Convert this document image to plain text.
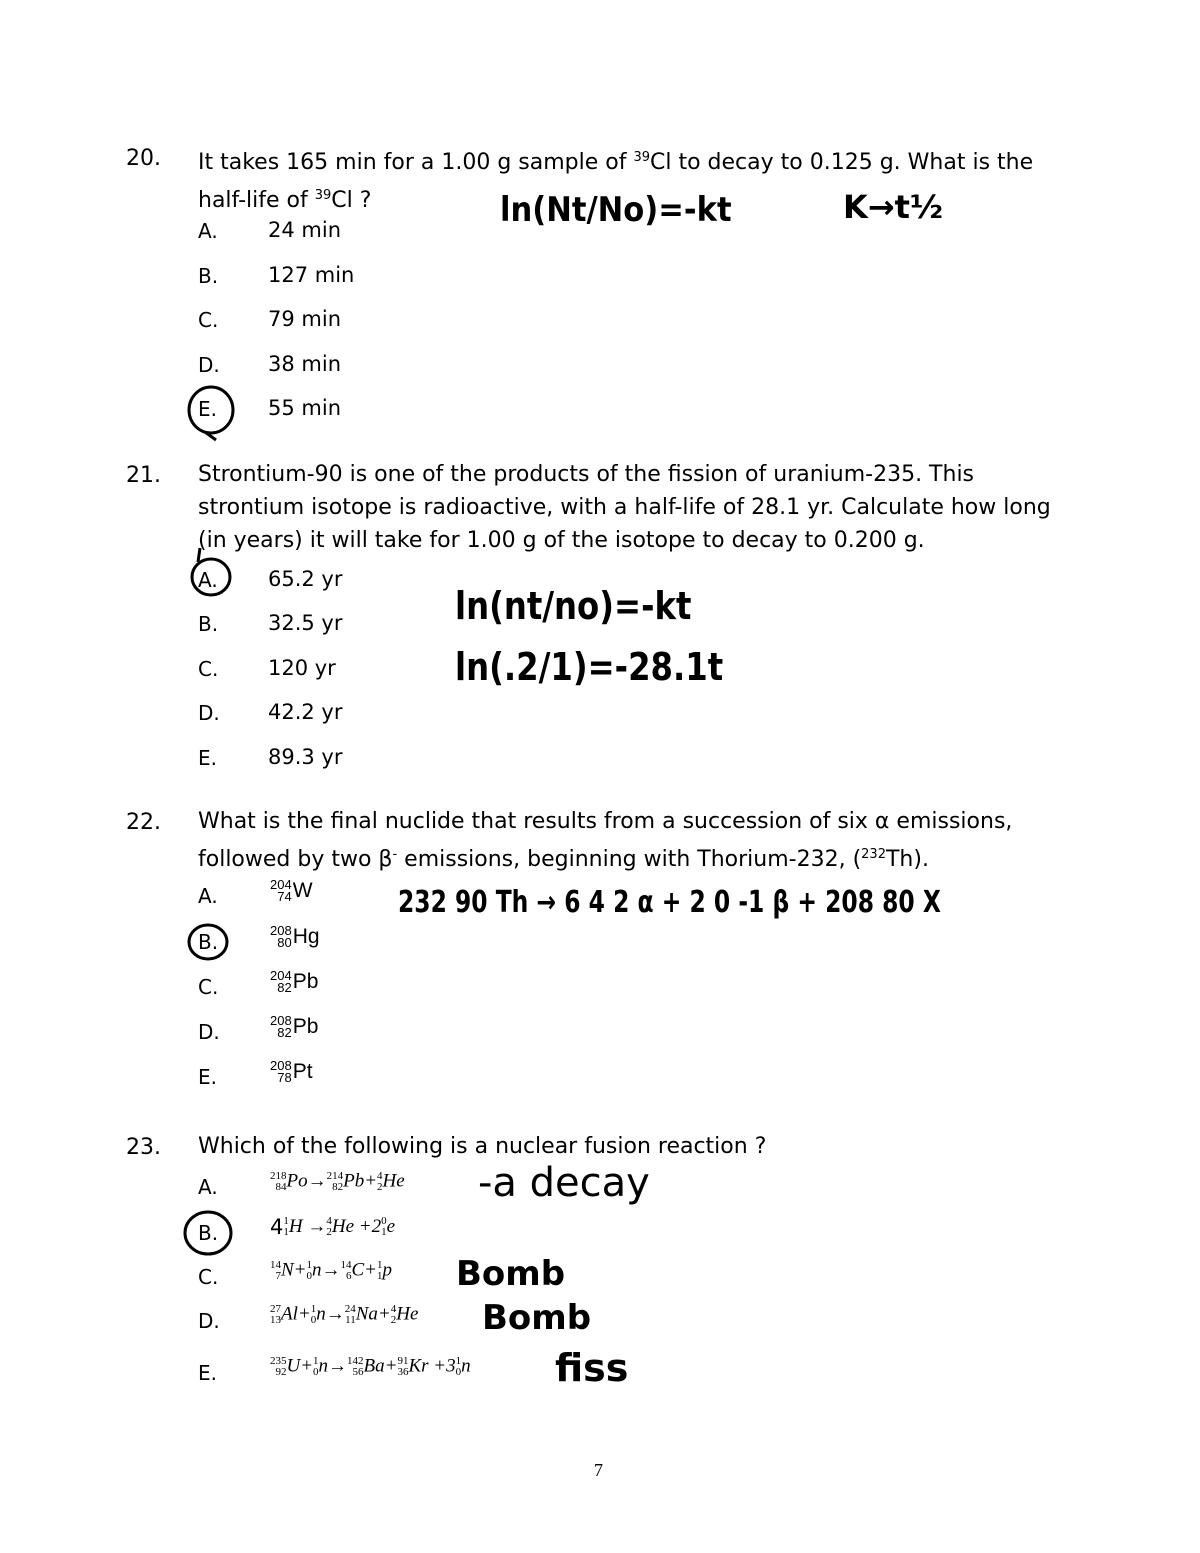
20. It takes 165 min for a 1.00 g sample of $^{39}$Cl to decay to 0.125 g. What is the
half-life of $^{39}$Cl ?
A. 24 min
B. 127 min
C. 79 min
D. 38 min
E. 55 min
21. Strontium-90 is one of the products of the fission of uranium-235. This
strontium isotope is radioactive, with a half-life of 28.1 yr. Calculate how long
(in years) it will take for 1.00 g of the isotope to decay to 0.200 g.
A. 65.2 yr
B. 32.5 yr
C. 120 yr
D. 42.2 yr
E. 89.3 yr
22. What is the final nuclide that results from a succession of six α emissions,
followed by two β- emissions, beginning with Thorium-232, ($^{232}$Th).
A.	204
74 W
B.	208
80 Hg
C.	204
82 Pb
D.	208
82 Pb
E.	208
78 Pt
23. Which of the following is a nuclear fusion reaction ?
A.	218
84 Po→ 214
82 Pb+ 4
2 He
B. 4 1
1 H → 4
2 He +2 0
1 e
C.
14
7 N+ 1
0 n→ 14
6 C+ 1
1 p
D.
27
13 Al+ 1
0 n→ 24
11 Na+ 4
2 He
E.
235
92 U+ 1
0 n→ 142
56 Ba+ 91
36 Kr +3 1
0 n
ln(Nt/No)=-kt	K→t½
ln(nt/no)=-kt
ln(.2/1)=-28.1t
232 90 Th → 6 4 2 α + 2 0 -1 β + 208 80 X
-a decay
Bomb
Bomb
fiss
7
